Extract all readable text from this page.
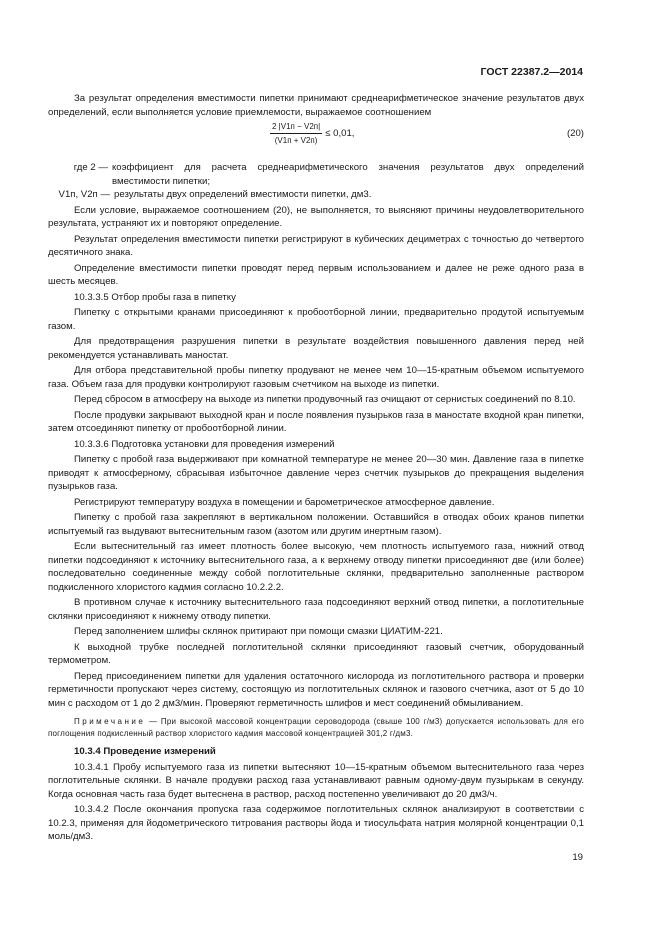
ГОСТ 22387.2—2014

За результат определения вместимости пипетки принимают среднеарифметическое значение результатов двух определений, если выполняется условие приемлемости, выражаемое соотношением

$\frac{2 |V1п - V2п|}{(V1п + V2п)} \le 0,01$,	(20)
где 2 — коэффициент для расчета среднеарифметического значения результатов двух определений вместимости пипетки;
V1п, V2п — результаты двух определений вместимости пипетки, дм3.

Если условие, выражаемое соотношением (20), не выполняется, то выясняют причины неудовлетворительного результата, устраняют их и повторяют определение.

Результат определения вместимости пипетки регистрируют в кубических дециметрах с точностью до четвертого десятичного знака.

Определение вместимости пипетки проводят перед первым использованием и далее не реже одного раза в шесть месяцев.

10.3.3.5 Отбор пробы газа в пипетку

Пипетку с открытыми кранами присоединяют к пробоотборной линии, предварительно продутой испытуемым газом.

Для предотвращения разрушения пипетки в результате воздействия повышенного давления перед ней рекомендуется устанавливать маностат.

Для отбора представительной пробы пипетку продувают не менее чем 10—15-кратным объемом испытуемого газа. Объем газа для продувки контролируют газовым счетчиком на выходе из пипетки.

Перед сбросом в атмосферу на выходе из пипетки продувочный газ очищают от сернистых соединений по 8.10.

После продувки закрывают выходной кран и после появления пузырьков газа в маностате входной кран пипетки, затем отсоединяют пипетку от пробоотборной линии.

10.3.3.6 Подготовка установки для проведения измерений

Пипетку с пробой газа выдерживают при комнатной температуре не менее 20—30 мин. Давление газа в пипетке приводят к атмосферному, сбрасывая избыточное давление через счетчик пузырьков до прекращения выделения пузырьков газа.

Регистрируют температуру воздуха в помещении и барометрическое атмосферное давление.

Пипетку с пробой газа закрепляют в вертикальном положении. Оставшийся в отводах обоих кранов пипетки испытуемый газ выдувают вытеснительным газом (азотом или другим инертным газом).

Если вытеснительный газ имеет плотность более высокую, чем плотность испытуемого газа, нижний отвод пипетки подсоединяют к источнику вытеснительного газа, а к верхнему отводу пипетки присоединяют две (или более) последовательно соединенные между собой поглотительные склянки, предварительно заполненные раствором подкисленного хлористого кадмия согласно 10.2.2.2.

В противном случае к источнику вытеснительного газа подсоединяют верхний отвод пипетки, а поглотительные склянки присоединяют к нижнему отводу пипетки.

Перед заполнением шлифы склянок притирают при помощи смазки ЦИАТИМ-221.

К выходной трубке последней поглотительной склянки присоединяют газовый счетчик, оборудованный термометром.

Перед присоединением пипетки для удаления остаточного кислорода из поглотительного раствора и проверки герметичности пропускают через систему, состоящую из поглотительных склянок и газового счетчика, азот от 5 до 10 мин с расходом от 1 до 2 дм3/мин. Проверяют герметичность шлифов и мест соединений обмыливанием.

Примечание — При высокой массовой концентрации сероводорода (свыше 100 г/м3) допускается использовать для его поглощения подкисленный раствор хлористого кадмия массовой концентрацией 301,2 г/дм3.

10.3.4 Проведение измерений

10.3.4.1 Пробу испытуемого газа из пипетки вытесняют 10—15-кратным объемом вытеснительного газа через поглотительные склянки. В начале продувки расход газа устанавливают равным одному-двум пузырькам в секунду. Когда основная часть газа будет вытеснена в раствор, расход постепенно увеличивают до 20 дм3/ч.

10.3.4.2 После окончания пропуска газа содержимое поглотительных склянок анализируют в соответствии с 10.2.3, применяя для йодометрического титрования растворы йода и тиосульфата натрия молярной концентрации 0,1 моль/дм3.

19
